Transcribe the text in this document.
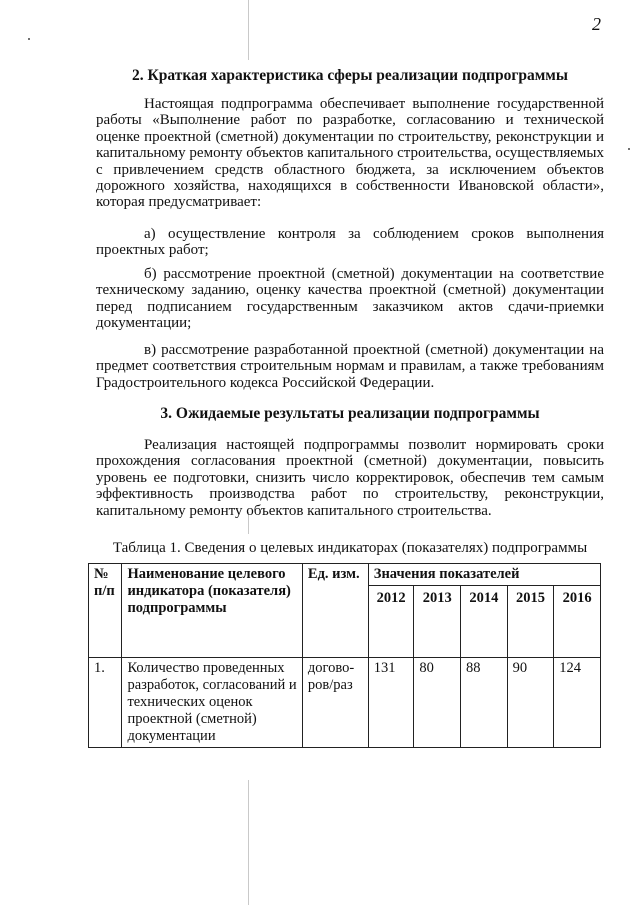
2
2. Краткая характеристика сферы реализации подпрограммы

Настоящая подпрограмма обеспечивает выполнение государственной работы «Выполнение работ по разработке, согласованию и технической оценке проектной (сметной) документации по строительству, реконструкции и капитальному ремонту объектов капитального строительства, осуществляемых с привлечением средств областного бюджета, за исключением объектов дорожного хозяйства, находящихся в собственности Ивановской области», которая предусматривает:

а) осуществление контроля за соблюдением сроков выполнения проектных работ;

б) рассмотрение проектной (сметной) документации на соответствие техническому заданию, оценку качества проектной (сметной) документации перед подписанием государственным заказчиком актов сдачи-приемки документации;

в) рассмотрение разработанной проектной (сметной) документации на предмет соответствия строительным нормам и правилам, а также требованиям Градостроительного кодекса Российской Федерации.

3. Ожидаемые результаты реализации подпрограммы

Реализация настоящей подпрограммы позволит нормировать сроки прохождения согласования проектной (сметной) документации, повысить уровень ее подготовки, снизить число корректировок, обеспечив тем самым эффективность производства работ по строительству, реконструкции, капитальному ремонту объектов капитального строительства.

Таблица 1. Сведения о целевых индикаторах (показателях) подпрограммы
№ п/п	Наименование целевого индикатора (показателя) подпрограммы	Ед. изм.	Значения показателей				
			2012	2013	2014	2015	2016
1.	Количество проведенных разработок, согласований и технических оценок проектной (сметной) документации	догово-ров/раз	131	80	88	90	124
